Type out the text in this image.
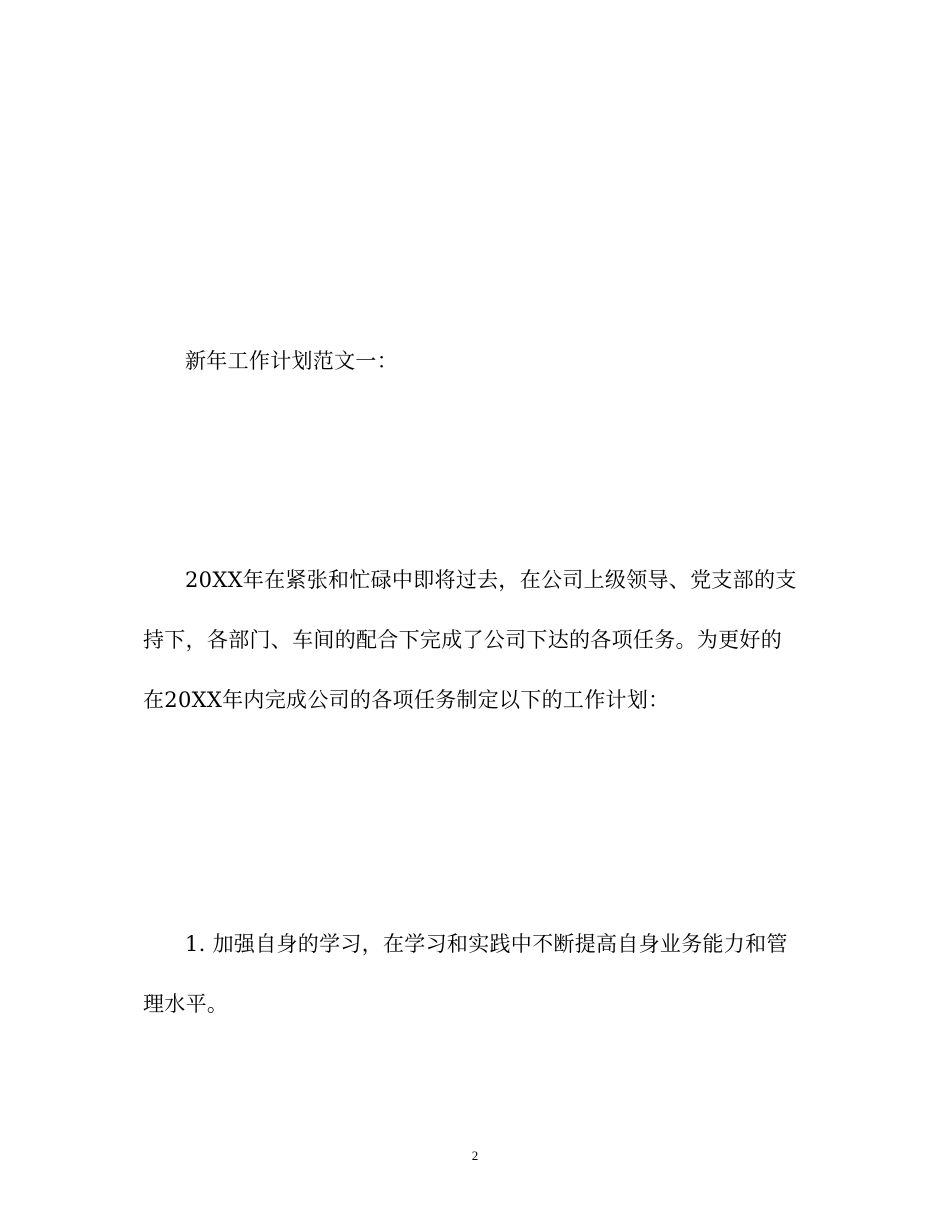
新年工作计划范文一：

20XX年在紧张和忙碌中即将过去，在公司上级领导、党支部的支
持下，各部门、车间的配合下完成了公司下达的各项任务。为更好的
在20XX年内完成公司的各项任务制定以下的工作计划：
1. 加强自身的学习，在学习和实践中不断提高自身业务能力和管
理水平。
2
